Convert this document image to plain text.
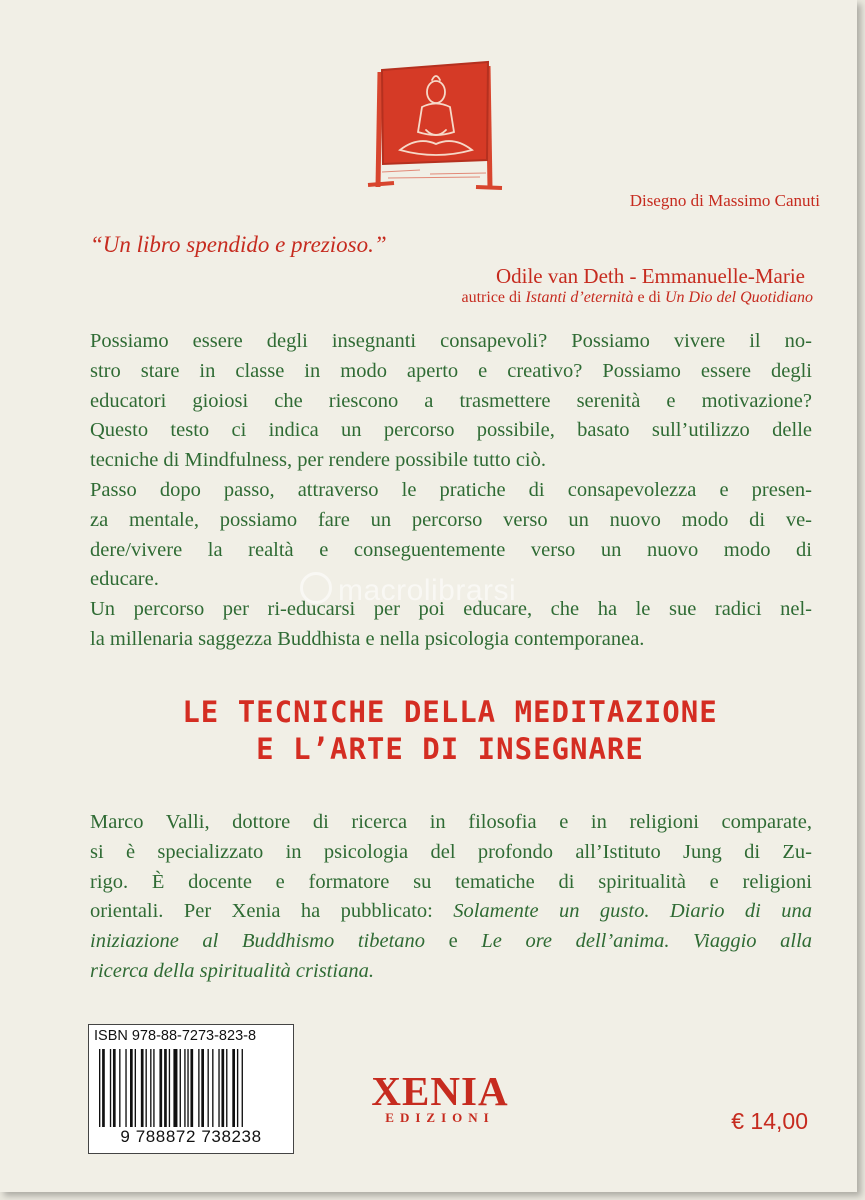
Disegno di Massimo Canuti
“Un libro spendido e prezioso.”
Odile van Deth - Emmanuelle-Marie
autrice di Istanti d’eternità e di Un Dio del Quotidiano
Possiamo essere degli insegnanti consapevoli? Possiamo vivere il no-
stro stare in classe in modo aperto e creativo? Possiamo essere degli
educatori gioiosi che riescono a trasmettere serenità e motivazione?
Questo testo ci indica un percorso possibile, basato sull’utilizzo delle
tecniche di Mindfulness, per rendere possibile tutto ciò.
Passo dopo passo, attraverso le pratiche di consapevolezza e presen-
za mentale, possiamo fare un percorso verso un nuovo modo di ve-
dere/vivere la realtà e conseguentemente verso un nuovo modo di
educare.
Un percorso per ri-educarsi per poi educare, che ha le sue radici nel-
la millenaria saggezza Buddhista e nella psicologia contemporanea.
macrolibrarsi
LE TECNICHE DELLA MEDITAZIONE
E L’ARTE DI INSEGNARE
Marco Valli, dottore di ricerca in filosofia e in religioni comparate,
si è specializzato in psicologia del profondo all’Istituto Jung di Zu-
rigo. È docente e formatore su tematiche di spiritualità e religioni
orientali. Per Xenia ha pubblicato: Solamente un gusto. Diario di una
iniziazione al Buddhismo tibetano e Le ore dell’anima. Viaggio alla
ricerca della spiritualità cristiana.
ISBN 978-88-7273-823-8
9 788872 738238
XENIA
EDIZIONI	€ 14,00
